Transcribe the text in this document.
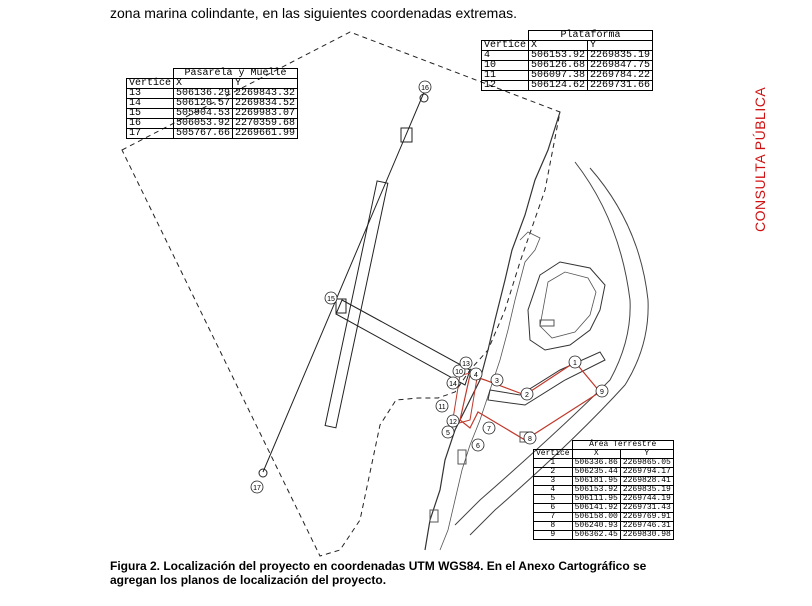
zona marina colindante, en las siguientes coordenadas extremas.
1
2
3
4
5
6
7
8
9
10
11
12
13
14
15
16
17
	Pasarela y Muelle	
Vertice	X	Y
13	506136.29	2269843.32
14	506120.57	2269834.52
15	505904.53	2269983.07
16	506053.92	2270359.68
17	505767.66	2269661.99
	Plataforma	
Vertice	X	Y
4	506153.92	2269835.19
10	506126.68	2269847.75
11	506097.38	2269784.22
12	506124.62	2269731.66
	Área Terrestre	
Vértice	X	Y
1	506336.86	2269865.05
2	506235.44	2269794.17
3	506181.95	2269828.41
4	506153.92	2269835.19
5	506111.95	2269744.19
6	506141.92	2269731.43
7	506158.00	2269769.91
8	506240.93	2269746.31
9	506362.45	2269830.98
CONSULTA PÚBLICA
Figura 2. Localización del proyecto en coordenadas UTM WGS84. En el Anexo Cartográfico se
agregan los planos de localización del proyecto.
